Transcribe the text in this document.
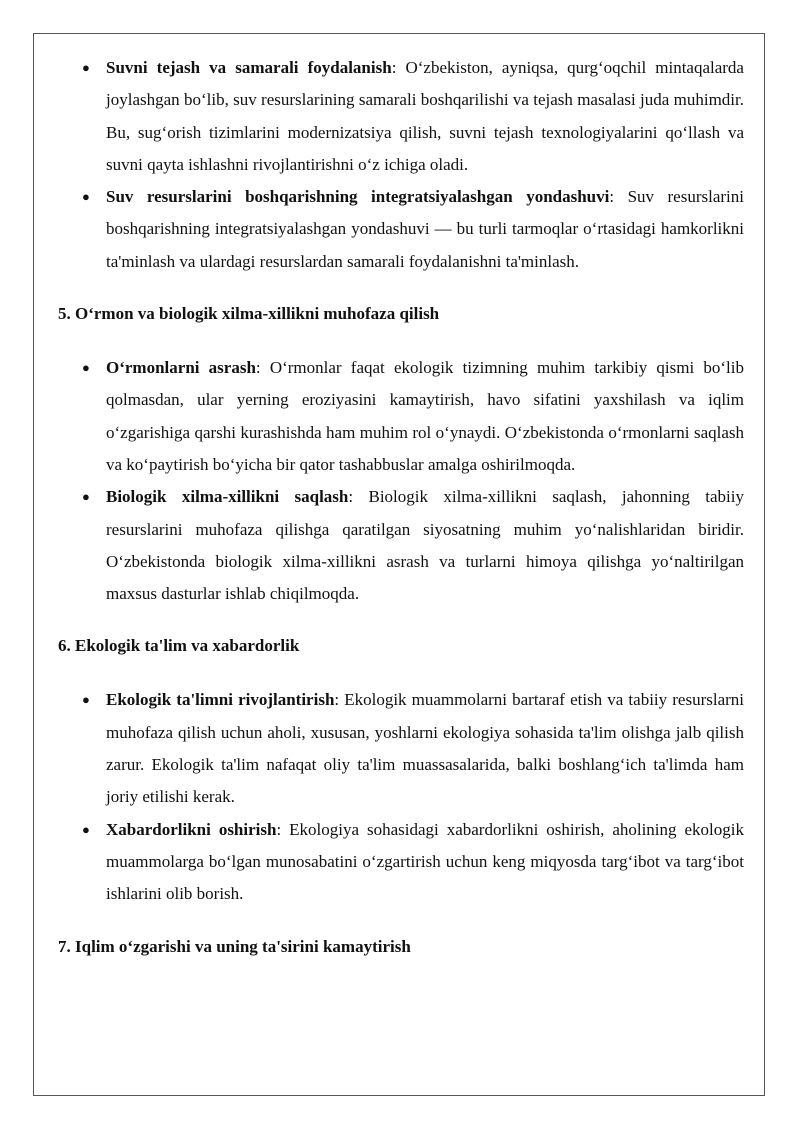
● Suvni tejash va samarali foydalanish: O‘zbekiston, ayniqsa, qurg‘oqchil mintaqalarda joylashgan bo‘lib, suv resurslarining samarali boshqarilishi va tejash masalasi juda muhimdir. Bu, sug‘orish tizimlarini modernizatsiya qilish, suvni tejash texnologiyalarini qo‘llash va suvni qayta ishlashni rivojlantirishni o‘z ichiga oladi.
● Suv resurslarini boshqarishning integratsiyalashgan yondashuvi: Suv resurslarini boshqarishning integratsiyalashgan yondashuvi — bu turli tarmoqlar o‘rtasidagi hamkorlikni ta'minlash va ulardagi resurslardan samarali foydalanishni ta'minlash.
5. O‘rmon va biologik xilma-xillikni muhofaza qilish
● O‘rmonlarni asrash: O‘rmonlar faqat ekologik tizimning muhim tarkibiy qismi bo‘lib qolmasdan, ular yerning eroziyasini kamaytirish, havo sifatini yaxshilash va iqlim o‘zgarishiga qarshi kurashishda ham muhim rol o‘ynaydi. O‘zbekistonda o‘rmonlarni saqlash va ko‘paytirish bo‘yicha bir qator tashabbuslar amalga oshirilmoqda.
● Biologik xilma-xillikni saqlash: Biologik xilma-xillikni saqlash, jahonning tabiiy resurslarini muhofaza qilishga qaratilgan siyosatning muhim yo‘nalishlaridan biridir. O‘zbekistonda biologik xilma-xillikni asrash va turlarni himoya qilishga yo‘naltirilgan maxsus dasturlar ishlab chiqilmoqda.
6. Ekologik ta'lim va xabardorlik
● Ekologik ta'limni rivojlantirish: Ekologik muammolarni bartaraf etish va tabiiy resurslarni muhofaza qilish uchun aholi, xususan, yoshlarni ekologiya sohasida ta'lim olishga jalb qilish zarur. Ekologik ta'lim nafaqat oliy ta'lim muassasalarida, balki boshlang‘ich ta'limda ham joriy etilishi kerak.
● Xabardorlikni oshirish: Ekologiya sohasidagi xabardorlikni oshirish, aholining ekologik muammolarga bo‘lgan munosabatini o‘zgartirish uchun keng miqyosda targ‘ibot va targ‘ibot ishlarini olib borish.
7. Iqlim o‘zgarishi va uning ta'sirini kamaytirish
